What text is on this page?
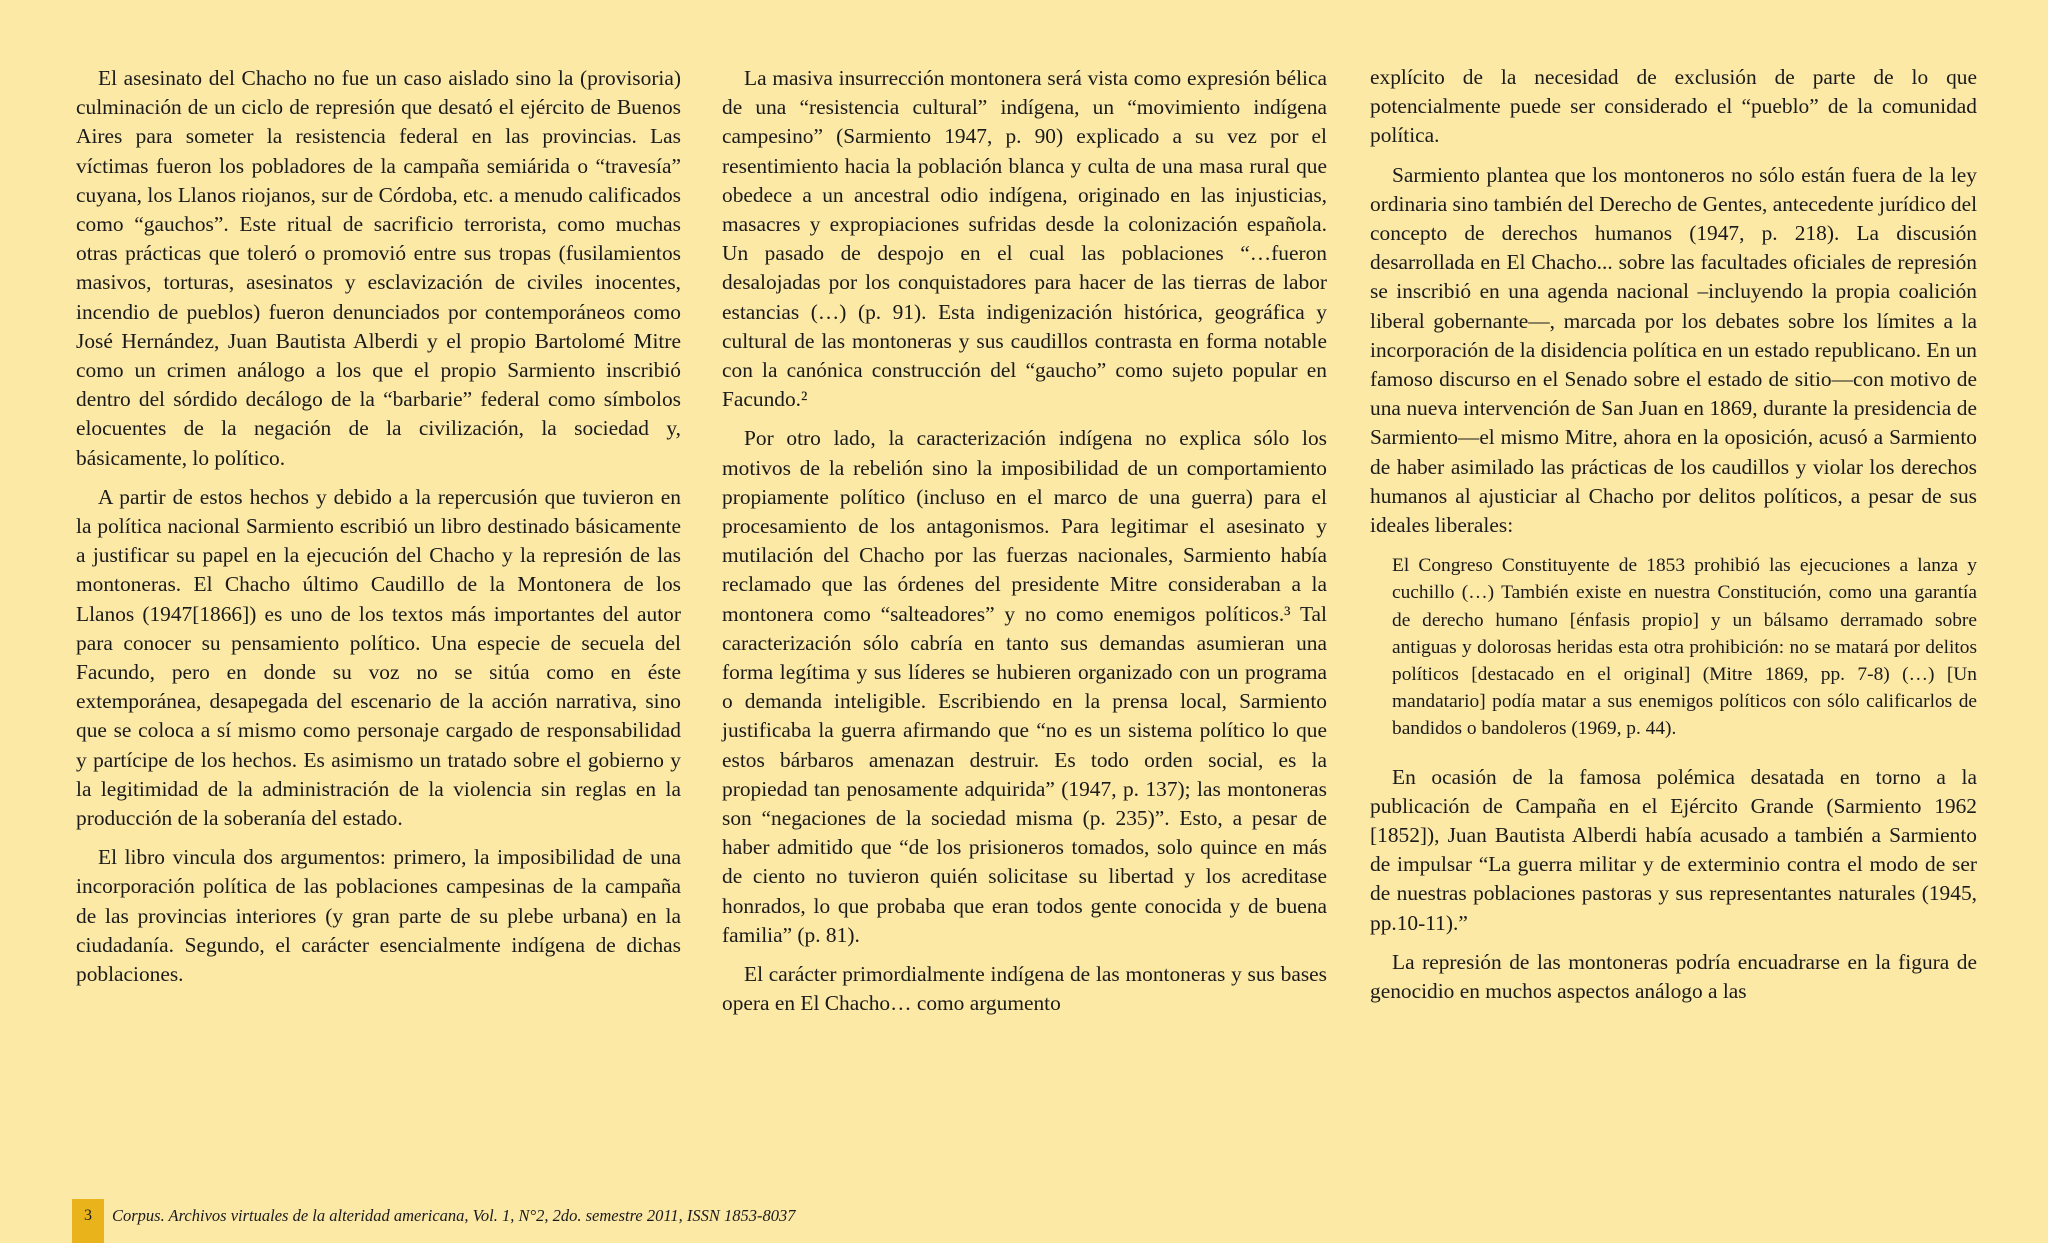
El asesinato del Chacho no fue un caso aislado sino la (provisoria) culminación de un ciclo de represión que desató el ejército de Buenos Aires para someter la resistencia federal en las provincias. Las víctimas fueron los pobladores de la campaña semiárida o “travesía” cuyana, los Llanos riojanos, sur de Córdoba, etc. a menudo calificados como “gauchos”. Este ritual de sacrificio terrorista, como muchas otras prácticas que toleró o promovió entre sus tropas (fusilamientos masivos, torturas, asesinatos y esclavización de civiles inocentes, incendio de pueblos) fueron denunciados por contemporáneos como José Hernández, Juan Bautista Alberdi y el propio Bartolomé Mitre como un crimen análogo a los que el propio Sarmiento inscribió dentro del sórdido decálogo de la “barbarie” federal como símbolos elocuentes de la negación de la civilización, la sociedad y, básicamente, lo político.

A partir de estos hechos y debido a la repercusión que tuvieron en la política nacional Sarmiento escribió un libro destinado básicamente a justificar su papel en la ejecución del Chacho y la represión de las montoneras. El Chacho último Caudillo de la Montonera de los Llanos (1947[1866]) es uno de los textos más importantes del autor para conocer su pensamiento político. Una especie de secuela del Facundo, pero en donde su voz no se sitúa como en éste extemporánea, desapegada del escenario de la acción narrativa, sino que se coloca a sí mismo como personaje cargado de responsabilidad y partícipe de los hechos. Es asimismo un tratado sobre el gobierno y la legitimidad de la administración de la violencia sin reglas en la producción de la soberanía del estado.

El libro vincula dos argumentos: primero, la imposibilidad de una incorporación política de las poblaciones campesinas de la campaña de las provincias interiores (y gran parte de su plebe urbana) en la ciudadanía. Segundo, el carácter esencialmente indígena de dichas poblaciones.

La masiva insurrección montonera será vista como expresión bélica de una “resistencia cultural” indígena, un “movimiento indígena campesino” (Sarmiento 1947, p. 90) explicado a su vez por el resentimiento hacia la población blanca y culta de una masa rural que obedece a un ancestral odio indígena, originado en las injusticias, masacres y expropiaciones sufridas desde la colonización española. Un pasado de despojo en el cual las poblaciones “…fueron desalojadas por los conquistadores para hacer de las tierras de labor estancias (…) (p. 91). Esta indigenización histórica, geográfica y cultural de las montoneras y sus caudillos contrasta en forma notable con la canónica construcción del “gaucho” como sujeto popular en Facundo.²

Por otro lado, la caracterización indígena no explica sólo los motivos de la rebelión sino la imposibilidad de un comportamiento propiamente político (incluso en el marco de una guerra) para el procesamiento de los antagonismos. Para legitimar el asesinato y mutilación del Chacho por las fuerzas nacionales, Sarmiento había reclamado que las órdenes del presidente Mitre consideraban a la montonera como “salteadores” y no como enemigos políticos.³ Tal caracterización sólo cabría en tanto sus demandas asumieran una forma legítima y sus líderes se hubieren organizado con un programa o demanda inteligible. Escribiendo en la prensa local, Sarmiento justificaba la guerra afirmando que “no es un sistema político lo que estos bárbaros amenazan destruir. Es todo orden social, es la propiedad tan penosamente adquirida” (1947, p. 137); las montoneras son “negaciones de la sociedad misma (p. 235)”. Esto, a pesar de haber admitido que “de los prisioneros tomados, solo quince en más de ciento no tuvieron quién solicitase su libertad y los acreditase honrados, lo que probaba que eran todos gente conocida y de buena familia” (p. 81).

El carácter primordialmente indígena de las montoneras y sus bases opera en El Chacho… como argumento

explícito de la necesidad de exclusión de parte de lo que potencialmente puede ser considerado el “pueblo” de la comunidad política.

Sarmiento plantea que los montoneros no sólo están fuera de la ley ordinaria sino también del Derecho de Gentes, antecedente jurídico del concepto de derechos humanos (1947, p. 218). La discusión desarrollada en El Chacho... sobre las facultades oficiales de represión se inscribió en una agenda nacional –incluyendo la propia coalición liberal gobernante—, marcada por los debates sobre los límites a la incorporación de la disidencia política en un estado republicano. En un famoso discurso en el Senado sobre el estado de sitio—con motivo de una nueva intervención de San Juan en 1869, durante la presidencia de Sarmiento—el mismo Mitre, ahora en la oposición, acusó a Sarmiento de haber asimilado las prácticas de los caudillos y violar los derechos humanos al ajusticiar al Chacho por delitos políticos, a pesar de sus ideales liberales:

El Congreso Constituyente de 1853 prohibió las ejecuciones a lanza y cuchillo (…) También existe en nuestra Constitución, como una garantía de derecho humano [énfasis propio] y un bálsamo derramado sobre antiguas y dolorosas heridas esta otra prohibición: no se matará por delitos políticos [destacado en el original] (Mitre 1869, pp. 7-8) (…) [Un mandatario] podía matar a sus enemigos políticos con sólo calificarlos de bandidos o bandoleros (1969, p. 44).

En ocasión de la famosa polémica desatada en torno a la publicación de Campaña en el Ejército Grande (Sarmiento 1962 [1852]), Juan Bautista Alberdi había acusado a también a Sarmiento de impulsar “La guerra militar y de exterminio contra el modo de ser de nuestras poblaciones pastoras y sus representantes naturales (1945, pp.10-11).”

La represión de las montoneras podría encuadrarse en la figura de genocidio en muchos aspectos análogo a las

3	Corpus. Archivos virtuales de la alteridad americana, Vol. 1, N°2, 2do. semestre 2011, ISSN 1853-8037
